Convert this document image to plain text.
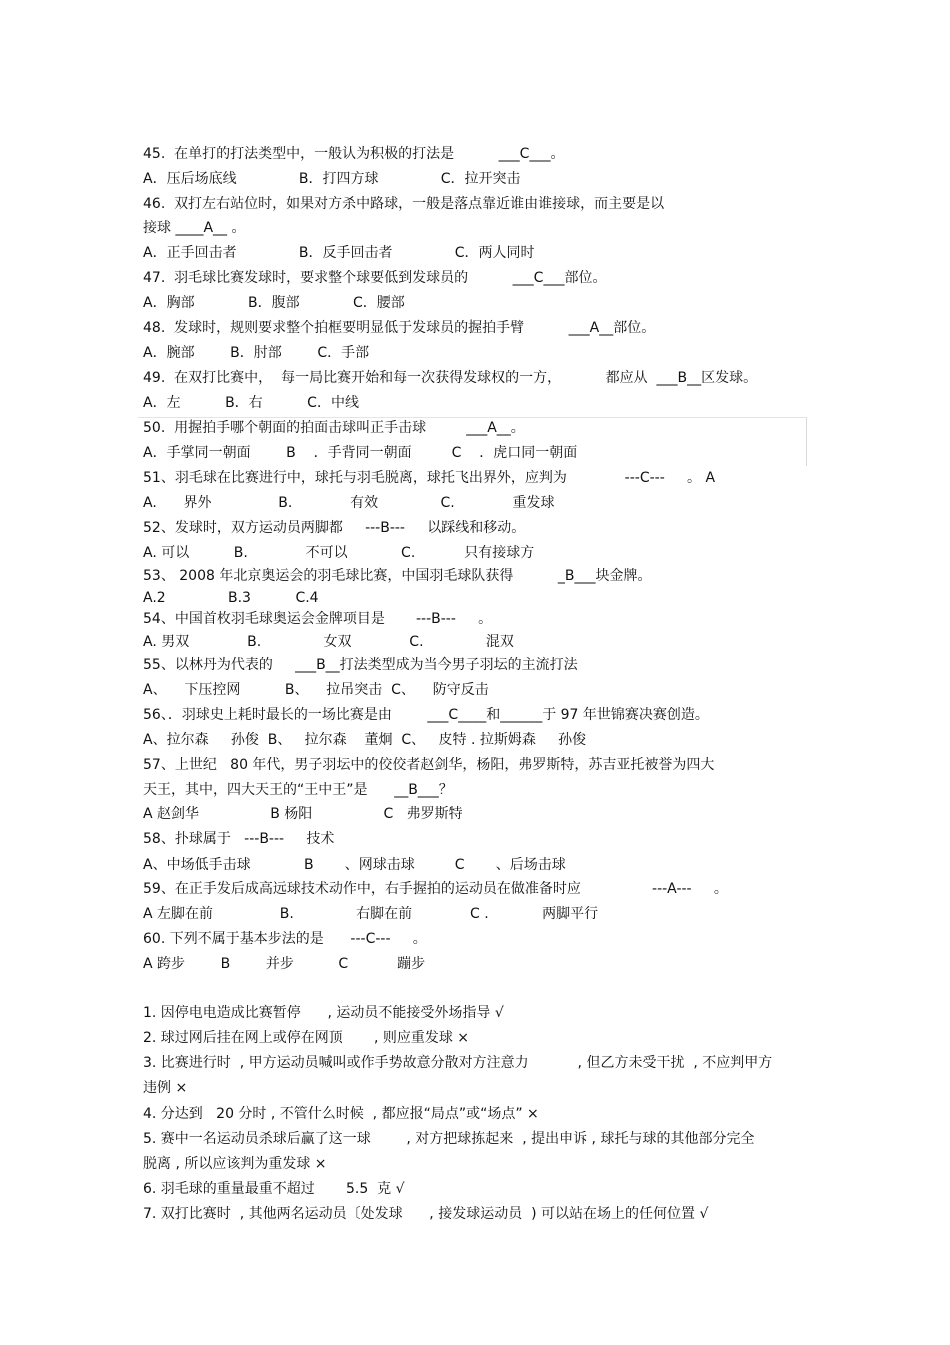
45.  在单打的打法类型中，一般认为积极的打法是          ___C___。
A．压后场底线              B．打四方球              C．拉开突击
46.  双打左右站位时，如果对方杀中路球，一般是落点靠近谁由谁接球，而主要是以
接球 ____A__ 。
A．正手回击者              B．反手回击者              C．两人同时
47.  羽毛球比赛发球时，要求整个球要低到发球员的          ___C___部位。
A．胸部            B．腹部            C．腰部
48.  发球时，规则要求整个拍框要明显低于发球员的握拍手臂          ___A__部位。
A．腕部        B．肘部        C．手部
49.  在双打比赛中，  每一局比赛开始和每一次获得发球权的一方，          都应从  ___B__区发球。
A．左          B．右          C．中线
50.  用握拍手哪个朝面的拍面击球叫正手击球         ___A__。
A．手掌同一朝面        B    ．手背同一朝面         C    ．虎口同一朝面
51、羽毛球在比赛进行中，球托与羽毛脱离，球托飞出界外，应判为             ---C---     。 A
A.      界外               B.             有效              C.             重发球
52、发球时，双方运动员两脚都     ---B---     以踩线和移动。
A. 可以          B.             不可以            C.           只有接球方
53、 2008 年北京奥运会的羽毛球比赛，中国羽毛球队获得          _B___块金牌。
A.2              B.3          C.4
54、中国首枚羽毛球奥运会金牌项目是       ---B---     。
A. 男双             B.              女双             C.              混双
55、以林丹为代表的     ___B__打法类型成为当今男子羽坛的主流打法
A、    下压控网          B、    拉吊突击  C、    防守反击
56、．羽球史上耗时最长的一场比赛是由        ___C____和______于 97 年世锦赛决赛创造。
A、拉尔森     孙俊  B、   拉尔森    董炯  C、   皮特 . 拉斯姆森     孙俊
57、上世纪   80 年代，男子羽坛中的佼佼者赵剑华，杨阳，弗罗斯特，苏吉亚托被誉为四大
天王，其中，四大天王的“王中王”是      __B___？
A 赵剑华                B 杨阳                C   弗罗斯特
58、扑球属于   ---B---     技术
A、中场低手击球            B       、网球击球         C       、后场击球
59、在正手发后成高远球技术动作中，右手握拍的运动员在做准备时应                ---A---     。
A 左脚在前               B.              右脚在前             C .            两脚平行
60. 下列不属于基本步法的是      ---C---     。
A 跨步        B        并步          C           蹦步
1. 因停电电造成比赛暂停      , 运动员不能接受外场指导 √
2. 球过网后挂在网上或停在网顶       , 则应重发球 ×
3. 比赛进行时  , 甲方运动员喊叫或作手势故意分散对方注意力           , 但乙方未受干扰  , 不应判甲方
违例 ×
4. 分达到   20 分时 , 不管什么时候  , 都应报“局点”或“场点” ×
5. 赛中一名运动员杀球后赢了这一球        , 对方把球拣起来  , 提出申诉 , 球托与球的其他部分完全
脱离 , 所以应该判为重发球 ×
6. 羽毛球的重量最重不超过       5.5  克 √
7. 双打比赛时  , 其他两名运动员〔处发球      , 接发球运动员  ) 可以站在场上的任何位置 √
